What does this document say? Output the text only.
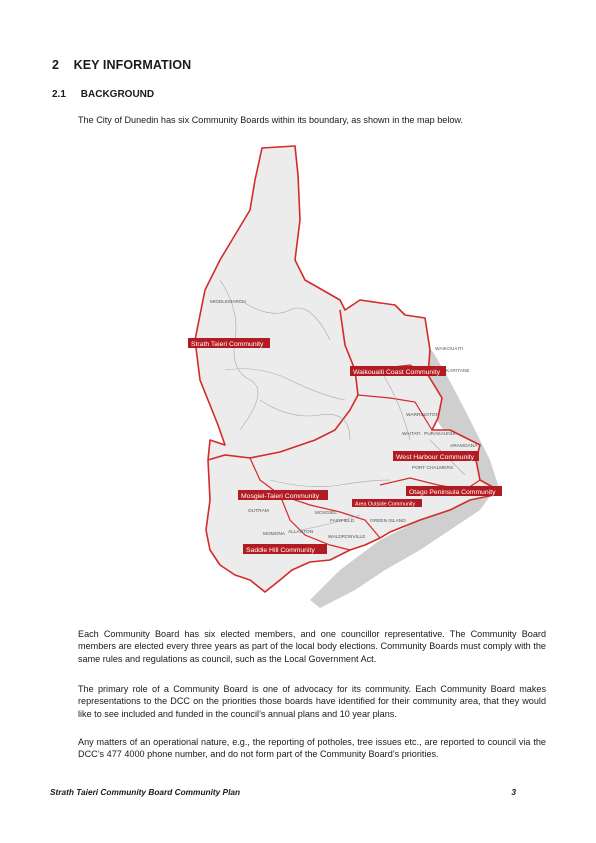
2 KEY INFORMATION
2.1 BACKGROUND
The City of Dunedin has six Community Boards within its boundary, as shown in the map below.
MIDDLEMARCH
WAIKOUAITI
KARITANE
WARRINGTON
WAITATI PURAKAUNUI
ARAMOANA
PORT CHALMERS
MOSGIEL
OUTRAM
FAIRFIELD	GREEN ISLAND
MOMONA ALLANTON
WALDRONVILLE
Strath Taieri Community
Waikouaiti Coast Community
West Harbour Community
Otago Peninsula Community
Mosgiel-Taieri Community
Area Outside Community
Saddle Hill Community
Each Community Board has six elected members, and one councillor representative. The Community Board members are elected every three years as part of the local body elections. Community Boards must comply with the same rules and regulations as council, such as the Local Government Act.
The primary role of a Community Board is one of advocacy for its community. Each Community Board makes representations to the DCC on the priorities those boards have identified for their community area, that they would like to see included and funded in the council’s annual plans and 10 year plans.
Any matters of an operational nature, e.g., the reporting of potholes, tree issues etc., are reported to council via the DCC’s 477 4000 phone number, and do not form part of the Community Board’s priorities.
Strath Taieri Community Board Community Plan	3
